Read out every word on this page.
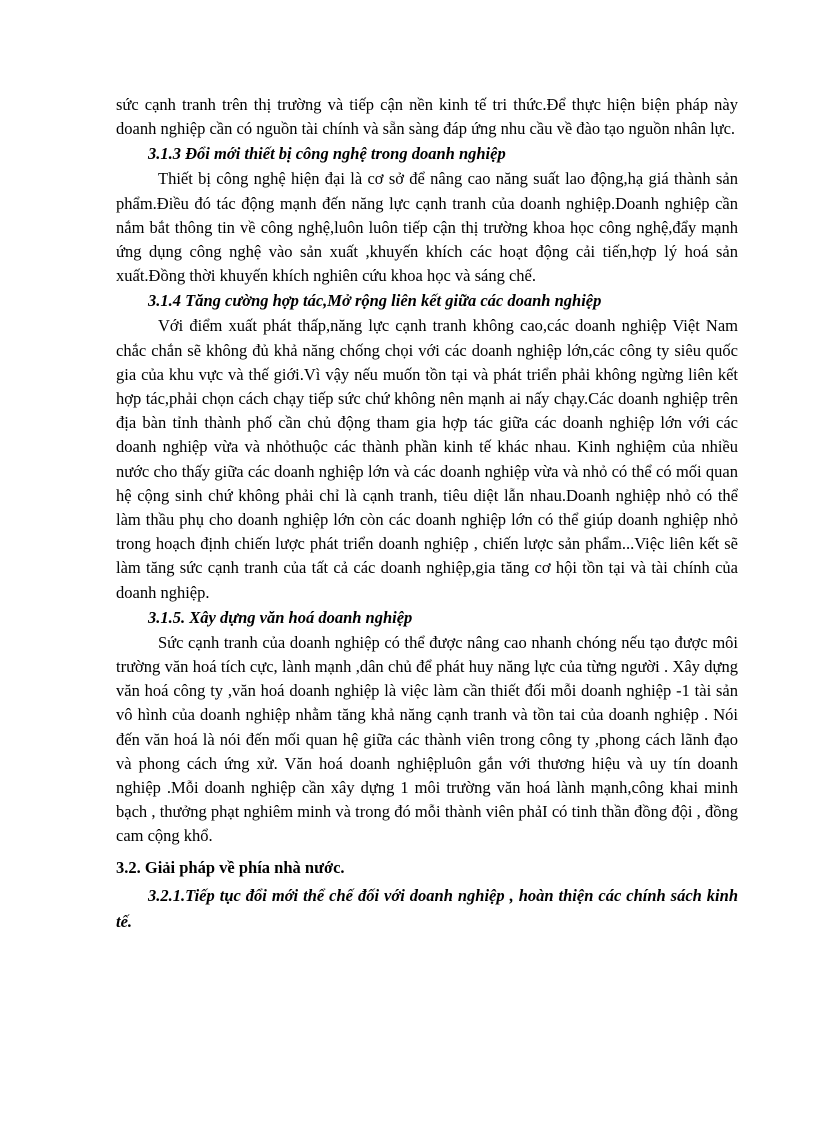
sức cạnh tranh trên thị trường và tiếp cận nền kinh tế tri thức.Để thực hiện biện pháp này doanh nghiệp cần có nguồn tài chính và sẵn sàng đáp ứng nhu cầu về đào tạo nguồn nhân lực.

3.1.3 Đổi mới thiết bị công nghệ trong doanh nghiệp

Thiết bị công nghệ hiện đại là cơ sở để nâng cao năng suất lao động,hạ giá thành sản phẩm.Điều đó tác động mạnh đến năng lực cạnh tranh của doanh nghiệp.Doanh nghiệp cần nắm bắt thông tin về công nghệ,luôn luôn tiếp cận thị trường khoa học công nghệ,đẩy mạnh ứng dụng công nghệ vào sản xuất ,khuyến khích các hoạt động cải tiến,hợp lý hoá sản xuất.Đồng thời khuyến khích nghiên cứu khoa học và sáng chế.

3.1.4 Tăng cường hợp tác,Mở rộng liên kết giữa các doanh nghiệp

Với điểm xuất phát thấp,năng lực cạnh tranh không cao,các doanh nghiệp Việt Nam chắc chắn sẽ không đủ khả năng chống chọi với các doanh nghiệp lớn,các công ty siêu quốc gia của khu vực và thế giới.Vì vậy nếu muốn tồn tại và phát triển phải không ngừng liên kết hợp tác,phải chọn cách chạy tiếp sức chứ không nên mạnh ai nấy chạy.Các doanh nghiệp trên địa bàn tỉnh thành phố cần chủ động tham gia hợp tác giữa các doanh nghiệp lớn với các doanh nghiệp vừa và nhỏthuộc các thành phần kinh tế khác nhau. Kinh nghiệm của nhiều nước cho thấy giữa các doanh nghiệp lớn và các doanh nghiệp vừa và nhỏ có thể có mối quan hệ cộng sinh chứ không phải chỉ là cạnh tranh, tiêu diệt lẫn nhau.Doanh nghiệp nhỏ có thể làm thầu phụ cho doanh nghiệp lớn còn các doanh nghiệp lớn có thể giúp doanh nghiệp nhỏ trong hoạch định chiến lược phát triển doanh nghiệp , chiến lược sản phẩm...Việc liên kết sẽ làm tăng sức cạnh tranh của tất cả các doanh nghiệp,gia tăng cơ hội tồn tại và tài chính của doanh nghiệp.

3.1.5. Xây dựng văn hoá doanh nghiệp

Sức cạnh tranh của doanh nghiệp có thể được nâng cao nhanh chóng nếu tạo được môi trường văn hoá tích cực, lành mạnh ,dân chủ để phát huy năng lực của từng người . Xây dựng văn hoá công ty ,văn hoá doanh nghiệp là việc làm cần thiết đối mỗi doanh nghiệp -1 tài sản vô hình của doanh nghiệp nhằm tăng khả năng cạnh tranh và tồn tai của doanh nghiệp . Nói đến văn hoá là nói đến mối quan hệ giữa các thành viên trong công ty ,phong cách lãnh đạo và phong cách ứng xử. Văn hoá doanh nghiệpluôn gắn với thương hiệu và uy tín doanh nghiệp .Mỗi doanh nghiệp cần xây dựng 1 môi trường văn hoá lành mạnh,công khai minh bạch , thưởng phạt nghiêm minh và trong đó mỗi thành viên phảI có tinh thần đồng đội , đồng cam cộng khổ.

3.2. Giải pháp về phía nhà nước.

3.2.1.Tiếp tục đổi mới thể chế đối với doanh nghiệp , hoàn thiện các chính sách kinh tế.
